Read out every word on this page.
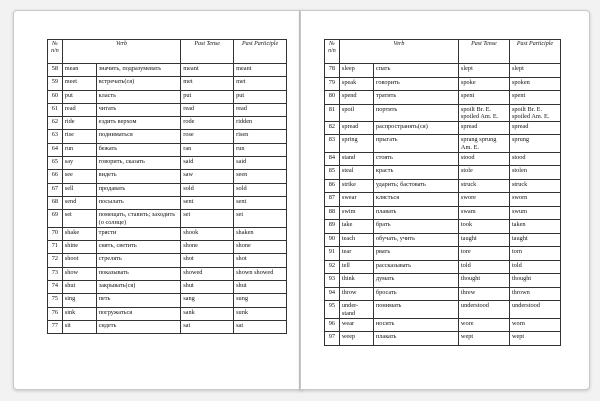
№ п/п	Verb		Past Tense	Past Participle
58	mean	значить, подразумевать	meant	meant
59	meet	встречать(ся)	met	met
60	put	класть	put	put
61	read	читать	read	read
62	ride	ездить верхом	rode	ridden
63	rise	подниматься	rose	risen
64	run	бежать	ran	run
65	say	говорить, сказать	said	said
66	see	видеть	saw	seen
67	sell	продавать	sold	sold
68	send	посылать	sent	sent
69	set	помещать, ставить; заходить (о солнце)	set	set
70	shake	трясти	shook	shaken
71	shine	сиять, светить	shone	shone
72	shoot	стрелять	shot	shot
73	show	показывать	showed	shown showed
74	shut	закрывать(ся)	shut	shut
75	sing	петь	sang	sung
76	sink	погружаться	sank	sunk
77	sit	сидеть	sat	sat
№ п/п	Verb		Past Tense	Past Participle
78	sleep	спать	slept	slept
79	speak	говорить	spoke	spoken
80	spend	тратить	spent	spent
81	spoil	портить	spoilt Br. E. spoiled Am. E.	spoilt Br. E. spoiled Am. E.
82	spread	распространять(ся)	spread	spread
83	spring	прыгать	sprang sprung Am. E.	sprung
84	stand	стоять	stood	stood
85	steal	красть	stole	stolen
86	strike	ударить; бастовать	struck	struck
87	swear	клясться	swore	sworn
88	swim	плавать	swam	swum
89	take	брать	took	taken
90	teach	обучать, учить	taught	taught
91	tear	рвать	tore	torn
92	tell	рассказывать	told	told
93	think	думать	thought	thought
94	throw	бросать	threw	thrown
95	under-stand	понимать	understood	understood
96	wear	носить	wore	worn
97	weep	плакать	wept	wept
